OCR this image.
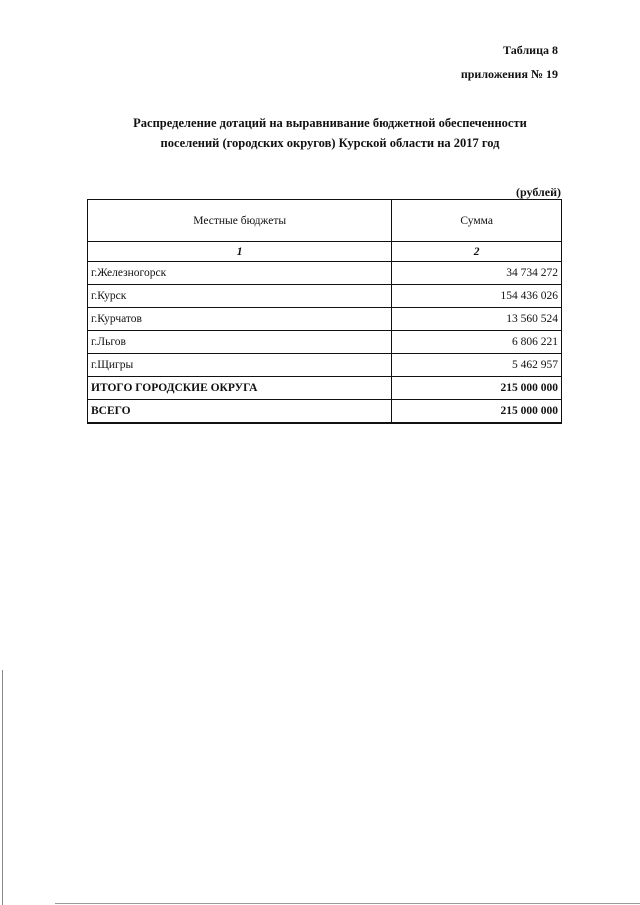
Таблица 8
приложения № 19
Распределение дотаций на выравнивание бюджетной обеспеченности
поселений (городских округов) Курской области на 2017 год
(рублей)
Местные бюджеты	Сумма
1	2
г.Железногорск	34 734 272
г.Курск	154 436 026
г.Курчатов	13 560 524
г.Льгов	6 806 221
г.Щигры	5 462 957
ИТОГО ГОРОДСКИЕ ОКРУГА	215 000 000
ВСЕГО	215 000 000
